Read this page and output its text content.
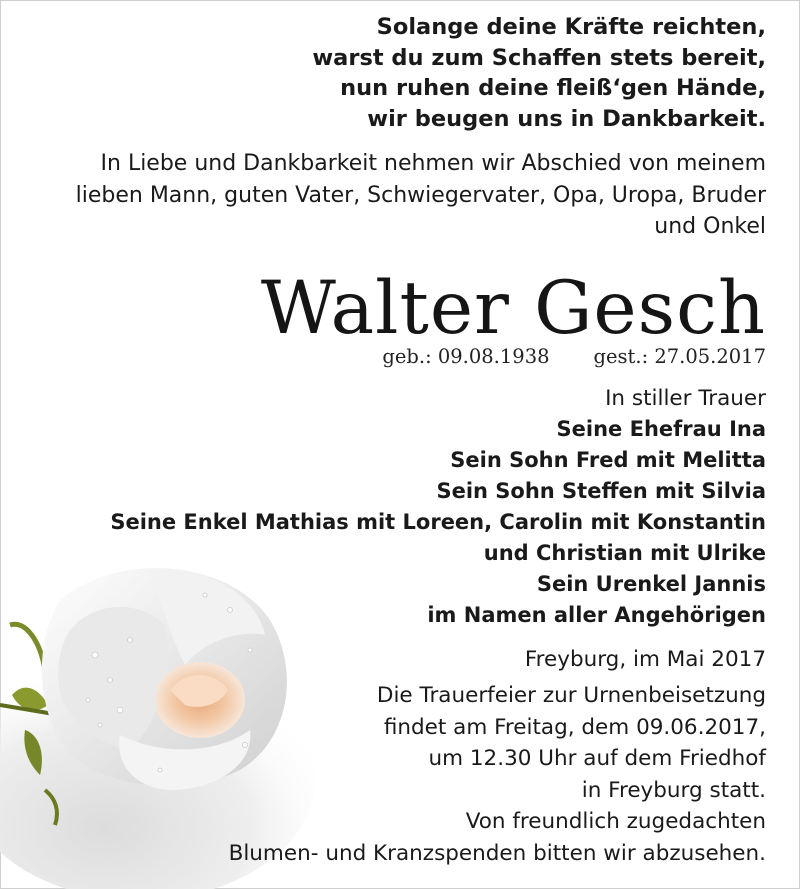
Solange deine Kräfte reichten,
warst du zum Schaffen stets bereit,
nun ruhen deine fleiß‘gen Hände,
wir beugen uns in Dankbarkeit.
In Liebe und Dankbarkeit nehmen wir Abschied von meinem
lieben Mann, guten Vater, Schwiegervater, Opa, Uropa, Bruder
und Onkel
Walter Gesch
geb.: 09.08.1938 gest.: 27.05.2017
In stiller Trauer
Seine Ehefrau Ina
Sein Sohn Fred mit Melitta
Sein Sohn Steffen mit Silvia
Seine Enkel Mathias mit Loreen, Carolin mit Konstantin
und Christian mit Ulrike
Sein Urenkel Jannis
im Namen aller Angehörigen
Freyburg, im Mai 2017
Die Trauerfeier zur Urnenbeisetzung
findet am Freitag, dem 09.06.2017,
um 12.30 Uhr auf dem Friedhof
in Freyburg statt.
Von freundlich zugedachten
Blumen- und Kranzspenden bitten wir abzusehen.
